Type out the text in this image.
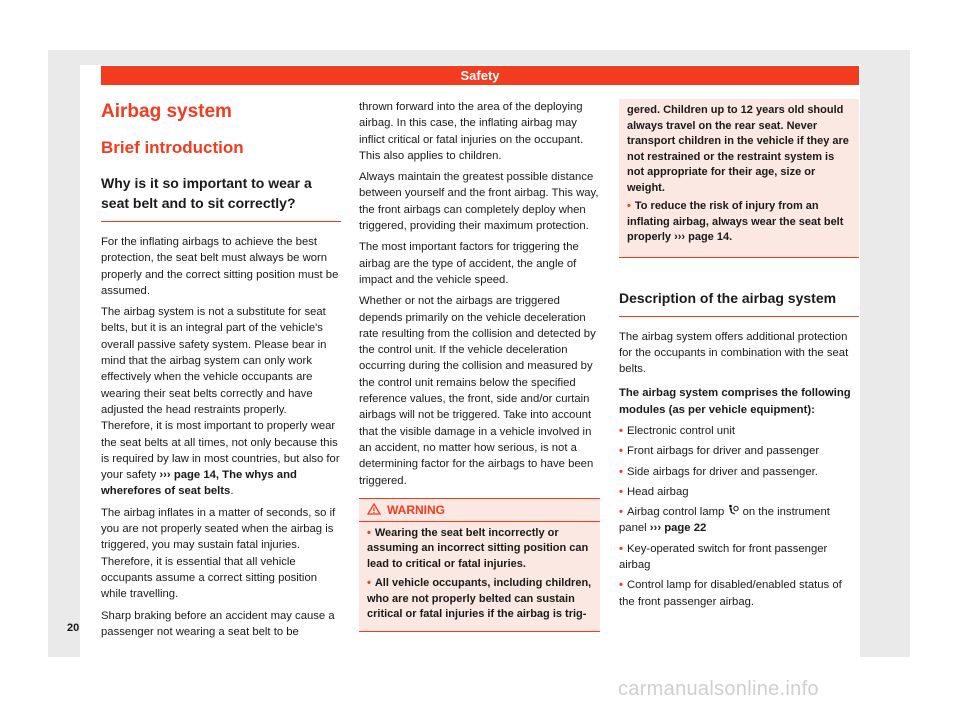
Safety
Airbag system
Brief introduction
Why is it so important to wear a seat belt and to sit correctly?

For the inflating airbags to achieve the best protection, the seat belt must always be worn properly and the correct sitting position must be assumed.

The airbag system is not a substitute for seat belts, but it is an integral part of the vehicle's overall passive safety system. Please bear in mind that the airbag system can only work effectively when the vehicle occupants are wearing their seat belts correctly and have adjusted the head restraints properly. Therefore, it is most important to properly wear the seat belts at all times, not only because this is required by law in most countries, but also for your safety ››› page 14, The whys and wherefores of seat belts.

The airbag inflates in a matter of seconds, so if you are not properly seated when the airbag is triggered, you may sustain fatal injuries. Therefore, it is essential that all vehicle occupants assume a correct sitting position while travelling.

Sharp braking before an accident may cause a passenger not wearing a seat belt to be

thrown forward into the area of the deploying airbag. In this case, the inflating airbag may inflict critical or fatal injuries on the occupant. This also applies to children.

Always maintain the greatest possible distance between yourself and the front airbag. This way, the front airbags can completely deploy when triggered, providing their maximum protection.

The most important factors for triggering the airbag are the type of accident, the angle of impact and the vehicle speed.

Whether or not the airbags are triggered depends primarily on the vehicle deceleration rate resulting from the collision and detected by the control unit. If the vehicle deceleration occurring during the collision and measured by the control unit remains below the specified reference values, the front, side and/or curtain airbags will not be triggered. Take into account that the visible damage in a vehicle involved in an accident, no matter how serious, is not a determining factor for the airbags to have been triggered.

WARNING
• Wearing the seat belt incorrectly or assuming an incorrect sitting position can lead to critical or fatal injuries.
• All vehicle occupants, including children, who are not properly belted can sustain critical or fatal injuries if the airbag is trig-
gered. Children up to 12 years old should always travel on the rear seat. Never transport children in the vehicle if they are not restrained or the restraint system is not appropriate for their age, size or weight.
• To reduce the risk of injury from an inflating airbag, always wear the seat belt properly ››› page 14.
Description of the airbag system

The airbag system offers additional protection for the occupants in combination with the seat belts.

The airbag system comprises the following modules (as per vehicle equipment):

• Electronic control unit
• Front airbags for driver and passenger
• Side airbags for driver and passenger.
• Head airbag
• Airbag control lamp on the instrument panel ››› page 22
• Key-operated switch for front passenger airbag
• Control lamp for disabled/enabled status of the front passenger airbag.
20
carmanualsonline.info
